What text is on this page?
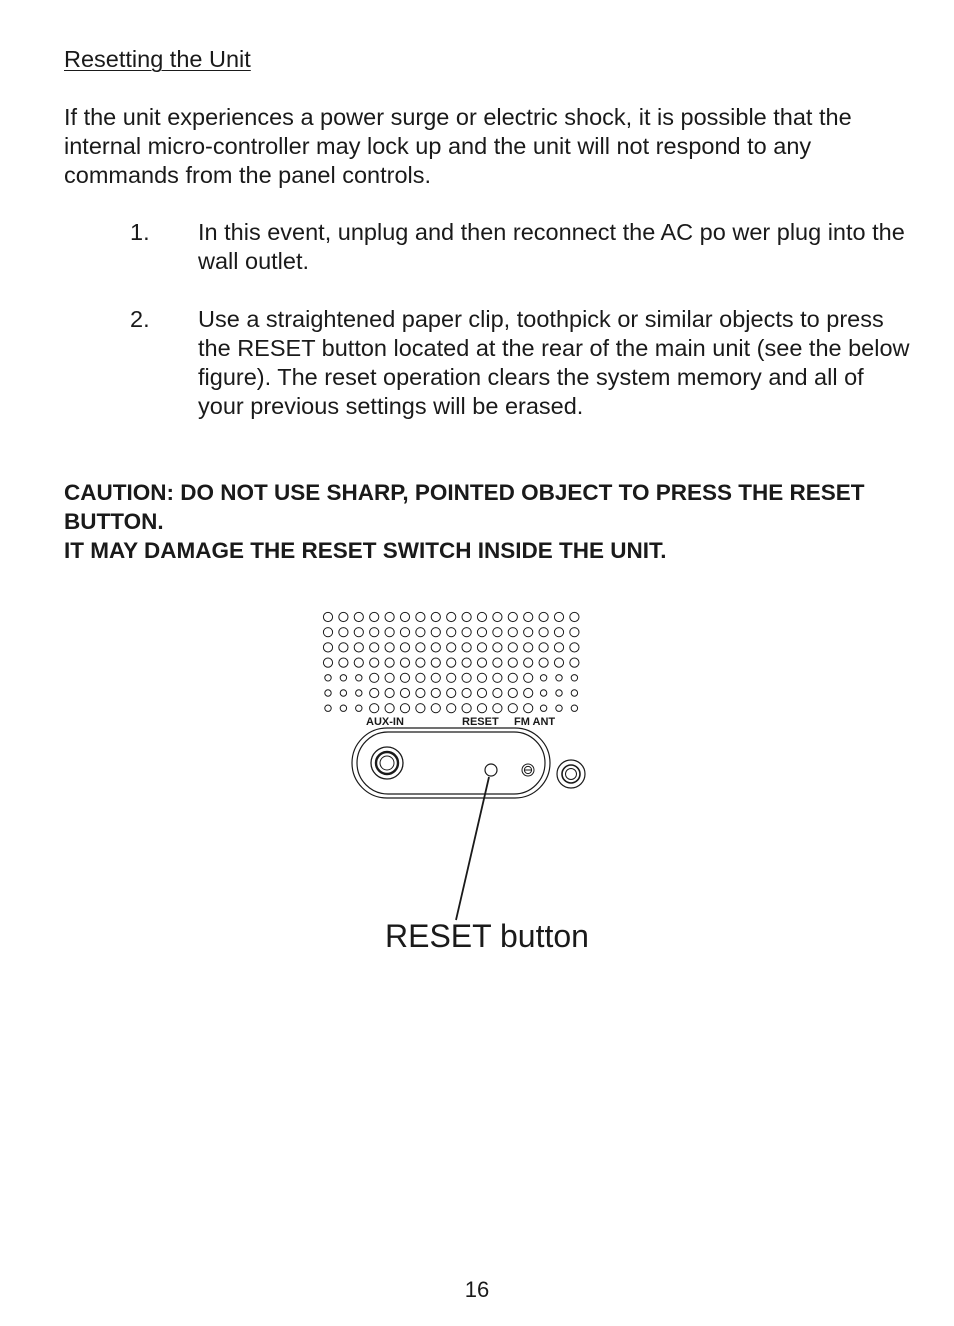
Resetting the Unit

If the unit experiences a power surge or electric shock, it is possible that the internal micro-controller may lock up and the unit will not respond to any commands from the panel controls.

1. In this event, unplug and then reconnect the AC po wer plug into the wall outlet.
2. Use a straightened paper clip, toothpick or similar objects to press the RESET button located at the rear of the main unit (see the below figure). The reset operation clears the system memory and all of your previous settings will be erased.
CAUTION: DO NOT USE SHARP, POINTED OBJECT TO PRESS THE RESET BUTTON.
IT MAY DAMAGE THE RESET SWITCH INSIDE THE UNIT.
AUX-IN	RESET FM ANT

RESET button

16
